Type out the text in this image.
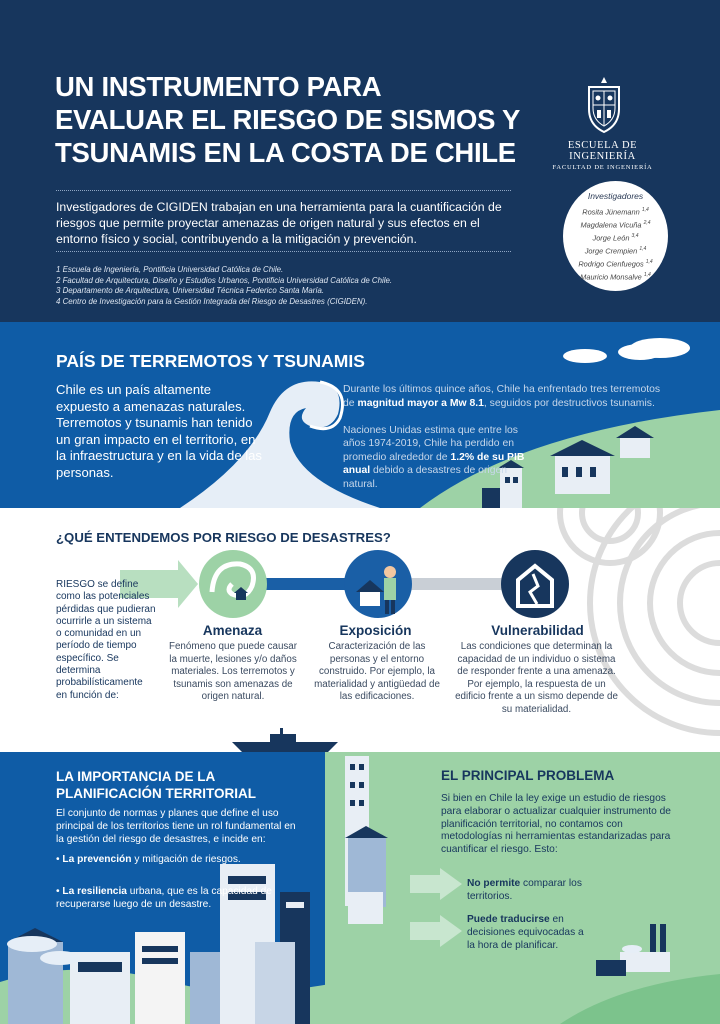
UN INSTRUMENTO PARA
EVALUAR EL RIESGO DE SISMOS Y
TSUNAMIS EN LA COSTA DE CHILE
Investigadores de CIGIDEN trabajan en una herramienta para la cuantificación de riesgos que permite proyectar amenazas de origen natural y sus efectos en el entorno físico y social, contribuyendo a la mitigación y prevención.
1 Escuela de Ingeniería, Pontificia Universidad Católica de Chile.
2 Facultad de Arquitectura, Diseño y Estudios Urbanos, Pontificia Universidad Católica de Chile.
3 Departamento de Arquitectura, Universidad Técnica Federico Santa María.
4 Centro de Investigación para la Gestión Integrada del Riesgo de Desastres (CIGIDEN).
ESCUELA DE INGENIERÍA
FACULTAD DE INGENIERÍA
Investigadores
Rosita Jünemann $^{1,4}$
Magdalena Vicuña $^{2,4}$
Jorge León $^{3,4}$
Jorge Crempien $^{1,4}$
Rodrigo Cienfuegos $^{1,4}$
Mauricio Monsalve $^{1,4}$
PAÍS DE TERREMOTOS Y TSUNAMIS
Chile es un país altamente expuesto a amenazas naturales. Terremotos y tsunamis han tenido un gran impacto en el territorio, en la infraestructura y en la vida de las personas.
Durante los últimos quince años, Chile ha enfrentado tres terremotos de magnitud mayor a Mw 8.1, seguidos por destructivos tsunamis.
Naciones Unidas estima que entre los años 1974-2019, Chile ha perdido en promedio alrededor de 1.2% de su PIB anual debido a desastres de origen natural.
¿QUÉ ENTENDEMOS POR RIESGO DE DESASTRES?
RIESGO se define como las potenciales pérdidas que pudieran ocurrirle a un sistema o comunidad en un período de tiempo específico. Se determina probabilísticamente en función de:
Amenaza
Fenómeno que puede causar la muerte, lesiones y/o daños materiales. Los terremotos y tsunamis son amenazas de origen natural.
Exposición
Caracterización de las personas y el entorno construido. Por ejemplo, la materialidad y antigüedad de las edificaciones.
Vulnerabilidad
Las condiciones que determinan la capacidad de un individuo o sistema de responder frente a una amenaza. Por ejemplo, la respuesta de un edificio frente a un sismo depende de su materialidad.
LA IMPORTANCIA DE LA
PLANIFICACIÓN TERRITORIAL
El conjunto de normas y planes que define el uso principal de los territorios tiene un rol fundamental en la gestión del riesgo de desastres, e incide en:
• La prevención y mitigación de riesgos.
• La resiliencia urbana, que es la capacidad de recuperarse luego de un desastre.
EL PRINCIPAL PROBLEMA
Si bien en Chile la ley exige un estudio de riesgos para elaborar o actualizar cualquier instrumento de planificación territorial, no contamos con metodologías ni herramientas estandarizadas para cuantificar el riesgo. Esto:
No permite comparar los territorios.
Puede traducirse en decisiones equivocadas a la hora de planificar.
